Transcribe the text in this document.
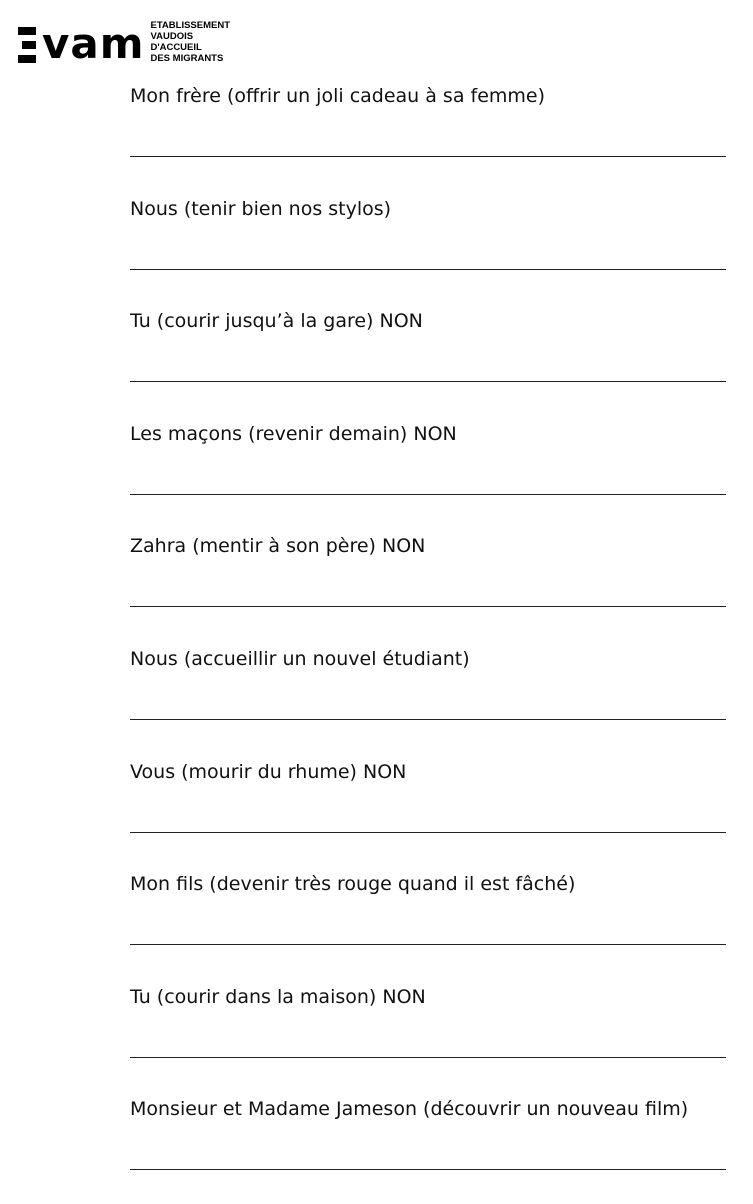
vam ETABLISSEMENT
VAUDOIS
D'ACCUEIL
DES MIGRANTS
Mon frère (offrir un joli cadeau à sa femme)
Nous (tenir bien nos stylos)
Tu (courir jusqu’à la gare) NON
Les maçons (revenir demain) NON
Zahra (mentir à son père) NON
Nous (accueillir un nouvel étudiant)
Vous (mourir du rhume) NON
Mon fils (devenir très rouge quand il est fâché)
Tu (courir dans la maison) NON
Monsieur et Madame Jameson (découvrir un nouveau film)
